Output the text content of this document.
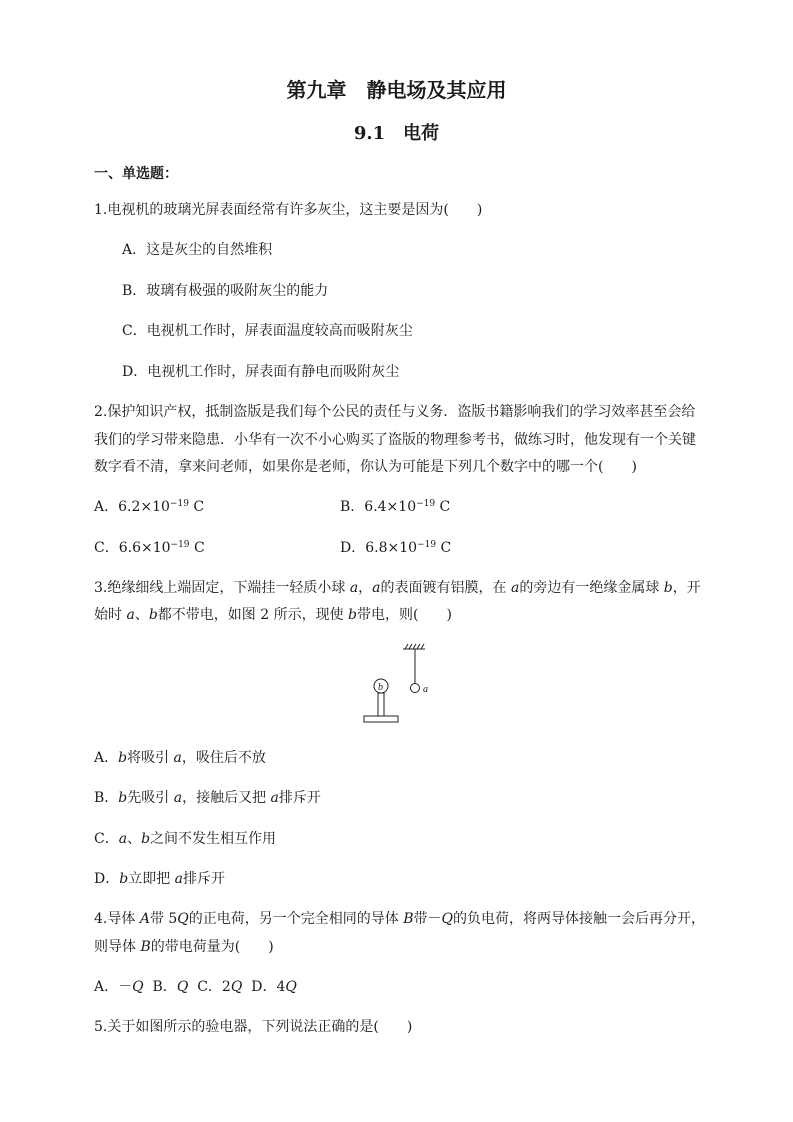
第九章　静电场及其应用
9.1　电荷
一、单选题：
1.电视机的玻璃光屏表面经常有许多灰尘，这主要是因为(　　)
A．这是灰尘的自然堆积
B．玻璃有极强的吸附灰尘的能力
C．电视机工作时，屏表面温度较高而吸附灰尘
D．电视机工作时，屏表面有静电而吸附灰尘
2.保护知识产权，抵制盗版是我们每个公民的责任与义务．盗版书籍影响我们的学习效率甚至会给
我们的学习带来隐患．小华有一次不小心购买了盗版的物理参考书，做练习时，他发现有一个关键
数字看不清，拿来问老师，如果你是老师，你认为可能是下列几个数字中的哪一个(　　)
A．$6.2\times 10^{-19}$ C	B．$6.4\times 10^{-19}$ C
C．$6.6\times 10^{-19}$ C	D．$6.8\times 10^{-19}$ C
3.绝缘细线上端固定，下端挂一轻质小球 a，a的表面镀有铝膜，在 a的旁边有一绝缘金属球 b，开
始时 a、b都不带电，如图 2 所示，现使 b带电，则(　　)
a
b
A．b将吸引 a，吸住后不放
B．b先吸引 a，接触后又把 a排斥开
C．a、b之间不发生相互作用
D．b立即把 a排斥开
4.导体 A带 5Q的正电荷，另一个完全相同的导体 B带－Q的负电荷，将两导体接触一会后再分开，
则导体 B的带电荷量为(　　)
A．－Q B．Q C．2Q D．4Q
5.关于如图所示的验电器，下列说法正确的是(　　)
